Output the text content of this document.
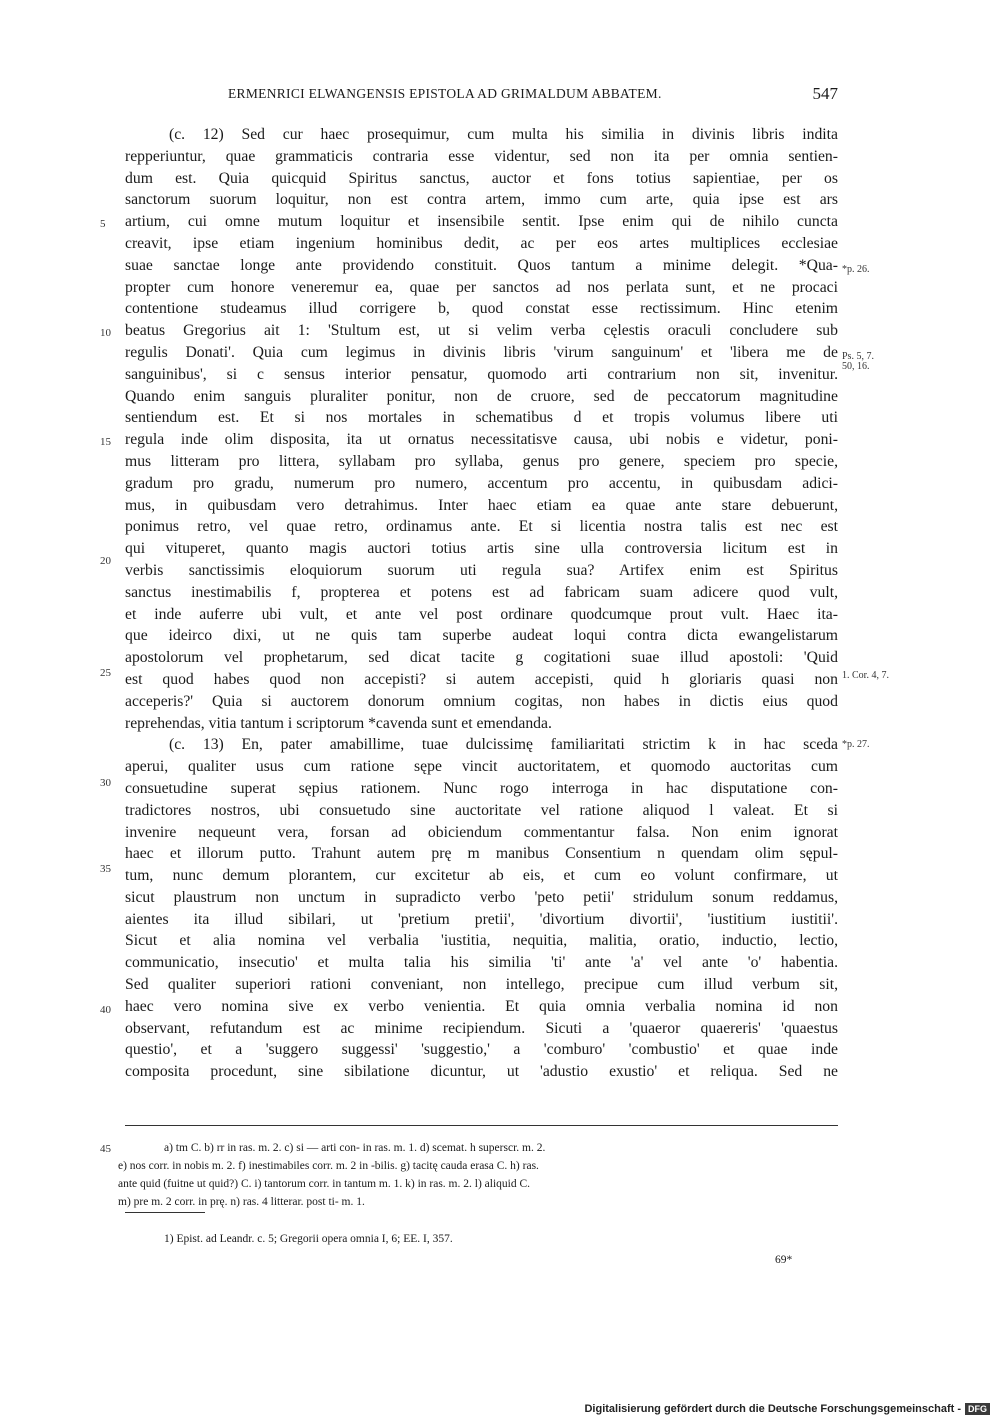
ERMENRICI ELWANGENSIS EPISTOLA AD GRIMALDUM ABBATEM.	547
(c. 12) Sed cur haec prosequimur, cum multa his similia in divinis libris indita
repperiuntur, quae grammaticis contraria esse videntur, sed non ita per omnia sentien-
dum est. Quia quicquid Spiritus sanctus, auctor et fons totius sapientiae, per os
sanctorum suorum loquitur, non est contra artem, immo cum arte, quia ipse est ars
artium, cui omne mutum loquitur et insensibile sentit. Ipse enim qui de nihilo cuncta
creavit, ipse etiam ingenium hominibus dedit, ac per eos artes multiplices ecclesiae
suae sanctae longe ante providendo constituit. Quos tantum a minime delegit. *Qua-
propter cum honore veneremur ea, quae per sanctos ad nos perlata sunt, et ne procaci
contentione studeamus illud corrigere b, quod constat esse rectissimum. Hinc etenim
beatus Gregorius ait 1: 'Stultum est, ut si velim verba cęlestis oraculi concludere sub
regulis Donati'. Quia cum legimus in divinis libris 'virum sanguinum' et 'libera me de
sanguinibus', si c sensus interior pensatur, quomodo arti contrarium non sit, invenitur.
Quando enim sanguis pluraliter ponitur, non de cruore, sed de peccatorum magnitudine
sentiendum est. Et si nos mortales in schematibus d et tropis volumus libere uti
regula inde olim disposita, ita ut ornatus necessitatisve causa, ubi nobis e videtur, poni-
mus litteram pro littera, syllabam pro syllaba, genus pro genere, speciem pro specie,
gradum pro gradu, numerum pro numero, accentum pro accentu, in quibusdam adici-
mus, in quibusdam vero detrahimus. Inter haec etiam ea quae ante stare debuerunt,
ponimus retro, vel quae retro, ordinamus ante. Et si licentia nostra talis est nec est
qui vituperet, quanto magis auctori totius artis sine ulla controversia licitum est in
verbis sanctissimis eloquiorum suorum uti regula sua? Artifex enim est Spiritus
sanctus inestimabilis f, propterea et potens est ad fabricam suam adicere quod vult,
et inde auferre ubi vult, et ante vel post ordinare quodcumque prout vult. Haec ita-
que ideirco dixi, ut ne quis tam superbe audeat loqui contra dicta ewangelistarum
apostolorum vel prophetarum, sed dicat tacite g cogitationi suae illud apostoli: 'Quid
est quod habes quod non accepisti? si autem accepisti, quid h gloriaris quasi non
acceperis?' Quia si auctorem donorum omnium cogitas, non habes in dictis eius quod
reprehendas, vitia tantum i scriptorum *cavenda sunt et emendanda.
(c. 13) En, pater amabillime, tuae dulcissimę familiaritati strictim k in hac sceda
aperui, qualiter usus cum ratione sępe vincit auctoritatem, et quomodo auctoritas cum
consuetudine superat sępius rationem. Nunc rogo interroga in hac disputatione con-
tradictores nostros, ubi consuetudo sine auctoritate vel ratione aliquod l valeat. Et si
invenire nequeunt vera, forsan ad obiciendum commentantur falsa. Non enim ignorat
haec et illorum putto. Trahunt autem prę m manibus Consentium n quendam olim sępul-
tum, nunc demum plorantem, cur excitetur ab eis, et cum eo volunt confirmare, ut
sicut plaustrum non unctum in supradicto verbo 'peto petii' stridulum sonum reddamus,
aientes ita illud sibilari, ut 'pretium pretii', 'divortium divortii', 'iustitium iustitii'.
Sicut et alia nomina vel verbalia 'iustitia, nequitia, malitia, oratio, inductio, lectio,
communicatio, insecutio' et multa talia his similia 'ti' ante 'a' vel ante 'o' habentia.
Sed qualiter superiori rationi conveniant, non intellego, precipue cum illud verbum sit,
haec vero nomina sive ex verbo venientia. Et quia omnia verbalia nomina id non
observant, refutandum est ac minime recipiendum. Sicuti a 'quaeror quaereris' 'quaestus
questio', et a 'suggero suggessi' 'suggestio,' a 'comburo' 'combustio' et quae inde
composita procedunt, sine sibilatione dicuntur, ut 'adustio exustio' et reliqua. Sed ne
5
10
15
20
25
30
35
40
45
*p. 26.
Ps. 5, 7.
50, 16.
1. Cor. 4, 7.
*p. 27.
a) tm C. b) rr in ras. m. 2. c) si — arti con- in ras. m. 1. d) scemat. h superscr. m. 2.
e) nos corr. in nobis m. 2. f) inestimabiles corr. m. 2 in -bilis. g) tacitę cauda erasa C. h) ras.
ante quid (fuitne ut quid?) C. i) tantorum corr. in tantum m. 1. k) in ras. m. 2. l) aliquid C.
m) pre m. 2 corr. in prę. n) ras. 4 litterar. post ti- m. 1.
1) Epist. ad Leandr. c. 5; Gregorii opera omnia I, 6; EE. I, 357.
69*
Digitalisierung gefördert durch die Deutsche Forschungsgemeinschaft - DFG
